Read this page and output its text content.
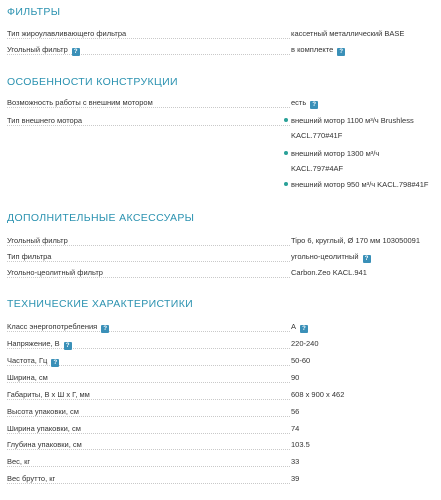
ФИЛЬТРЫ
Тип жироулавливающего фильтра	кассетный металлический BASE
Угольный фильтр ?	в комплекте ?
ОСОБЕННОСТИ КОНСТРУКЦИИ
Возможность работы с внешним мотором	есть ?
Тип внешнего мотора	внешний мотор 1100 м³/ч Brushless
KACL.770#41F
внешний мотор 1300 м³/ч
KACL.797#4AF
внешний мотор 950 м³/ч KACL.798#41F
ДОПОЛНИТЕЛЬНЫЕ АКСЕССУАРЫ
Угольный фильтр	Tipo 6, круглый, Ø 170 мм 103050091
Тип фильтра	угольно-цеолитный ?
Угольно-цеолитный фильтр	Carbon.Zeo KACL.941
ТЕХНИЧЕСКИЕ ХАРАКТЕРИСТИКИ
Класс энергопотребления ?	A ?
Напряжение, В ?	220-240
Частота, Гц ?	50-60
Ширина, см	90
Габариты, В х Ш х Г, мм	608 x 900 x 462
Высота упаковки, см	56
Ширина упаковки, см	74
Глубина упаковки, см	103.5
Вес, кг	33
Вес брутто, кг	39
